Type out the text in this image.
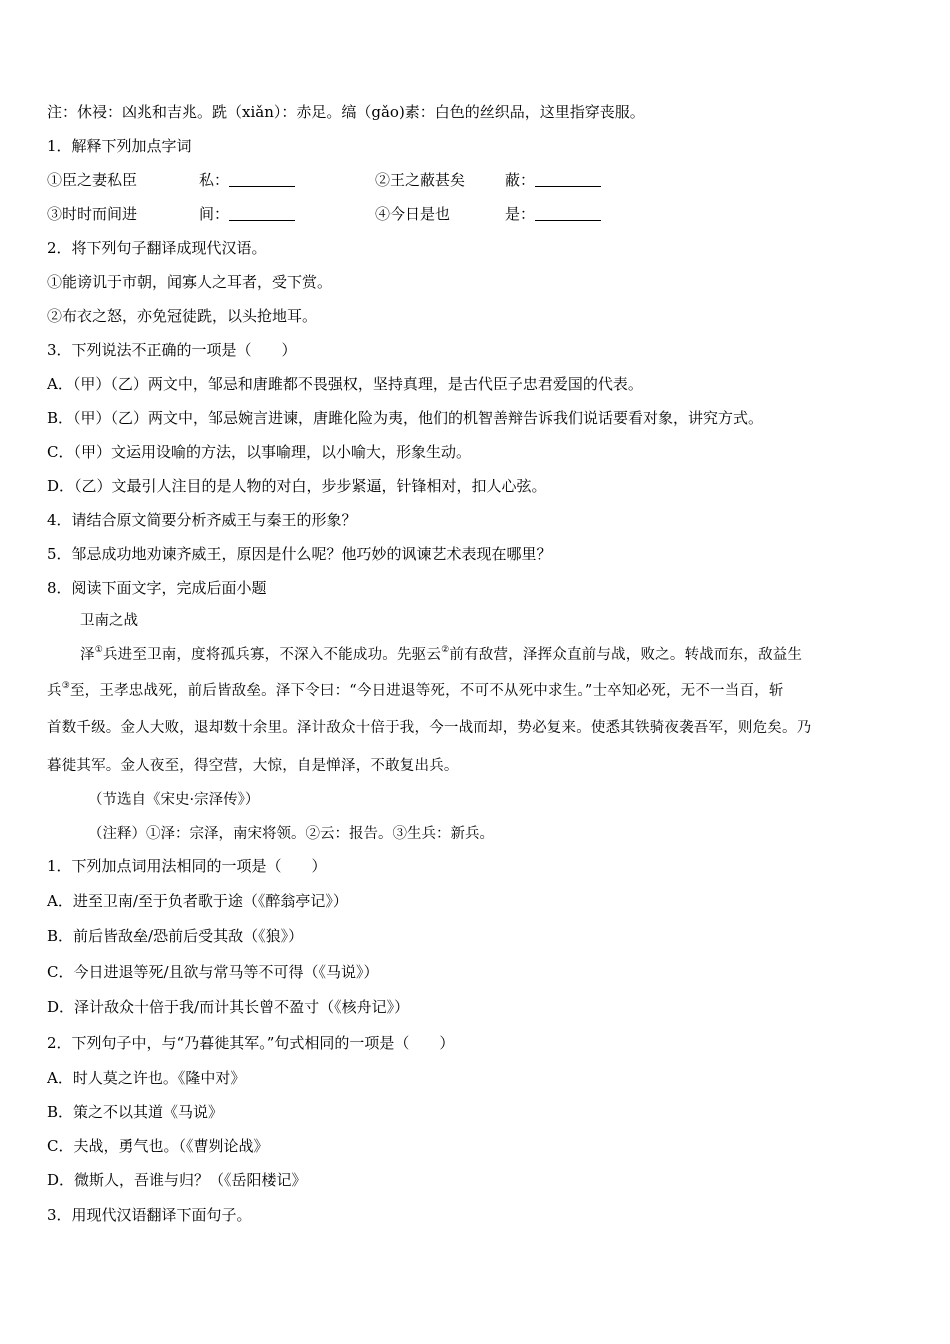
注：休祲：凶兆和吉兆。跣（xiǎn）：赤足。缟（gǎo)素：白色的丝织品，这里指穿丧服。
1．解释下列加点字词
①臣之妻私臣	私：	②王之蔽甚矣	蔽：
③时时而间进	间：	④今日是也	是：
2．将下列句子翻译成现代汉语。
①能谤讥于市朝，闻寡人之耳者，受下赏。
②布衣之怒，亦免冠徒跣，以头抢地耳。
3．下列说法不正确的一项是（　　）
A．（甲）（乙）两文中，邹忌和唐雎都不畏强权，坚持真理，是古代臣子忠君爱国的代表。
B．（甲）（乙）两文中，邹忌婉言进谏，唐雎化险为夷，他们的机智善辩告诉我们说话要看对象，讲究方式。
C．（甲）文运用设喻的方法，以事喻理，以小喻大，形象生动。
D．（乙）文最引人注目的是人物的对白，步步紧逼，针锋相对，扣人心弦。
4．请结合原文简要分析齐威王与秦王的形象？
5．邹忌成功地劝谏齐威王，原因是什么呢？他巧妙的讽谏艺术表现在哪里？
8．阅读下面文字，完成后面小题
卫南之战
泽①兵进至卫南，度将孤兵寡，不深入不能成功。先驱云②前有敌营，泽挥众直前与战，败之。转战而东，敌益生
兵③至，王孝忠战死，前后皆敌垒。泽下令曰：“今日进退等死，不可不从死中求生。”士卒知必死，无不一当百，斩
首数千级。金人大败，退却数十余里。泽计敌众十倍于我，今一战而却，势必复来。使悉其铁骑夜袭吾军，则危矣。乃
暮徙其军。金人夜至，得空营，大惊，自是惮泽，不敢复出兵。
（节选自《宋史·宗泽传》）
（注释）①泽：宗泽，南宋将领。②云：报告。③生兵：新兵。
1．下列加点词用法相同的一项是（　　）
A．进至卫南/至于负者歌于途（《醉翁亭记》）
B．前后皆敌垒/恐前后受其敌（《狼》）
C．今日进退等死/且欲与常马等不可得（《马说》）
D．泽计敌众十倍于我/而计其长曾不盈寸（《核舟记》）
2．下列句子中，与“乃暮徙其军。”句式相同的一项是（　　）
A．时人莫之许也。《隆中对》
B．策之不以其道《马说》
C．夫战，勇气也。（《曹刿论战》
D．微斯人，吾谁与归？（《岳阳楼记》
3．用现代汉语翻译下面句子。
